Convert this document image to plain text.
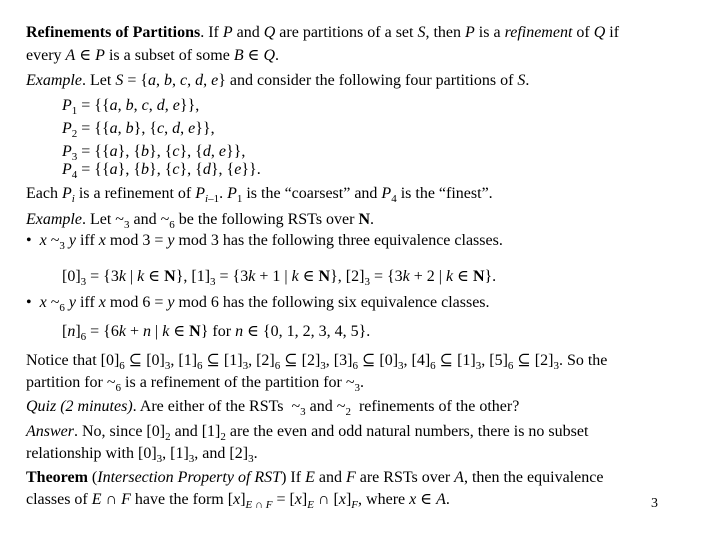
Refinements of Partitions. If P and Q are partitions of a set S, then P is a refinement of Q if
every A ∈ P is a subset of some B ∈ Q.
Example. Let S = {a, b, c, d, e} and consider the following four partitions of S.
$P_1 = \{\{a$, b, c, d, e}},
$P_2 = \{\{a$, b}, {c, d, e}},
$P_3 = \{\{a\}$, {b}, {c}, {d, e}},
$P_4 = \{\{a\}$, {b}, {c}, {d}, {e}}.
Each $P_i$ is a refinement of $P_{i-1}$. $P_1$ is the “coarsest” and $P_4$ is the “finest”.
Example. Let $\sim_3$ and $\sim_6$ be the following RSTs over N.
•  x $\sim_3$ y iff x mod 3 = y mod 3 has the following three equivalence classes.
$[0]_3 = \{3k$ | k ∈ N}, $[1]_3 = \{3k + 1$ | k ∈ N}, $[2]_3 = \{3k + 2$ | k ∈ N}.
•  x $\sim_6$ y iff x mod 6 = y mod 6 has the following six equivalence classes.
$[n]_6 = \{6k + n$ | k ∈ N} for n ∈ {0, 1, 2, 3, 4, 5}.
Notice that $[0]_6$ ⊆ $[0]_3$, $[1]_6$ ⊆ $[1]_3$, $[2]_6$ ⊆ $[2]_3$, $[3]_6$ ⊆ $[0]_3$, $[4]_6$ ⊆ $[1]_3$, $[5]_6$ ⊆ $[2]_3$. So the
partition for $\sim_6$ is a refinement of the partition for $\sim_3$.
Quiz (2 minutes). Are either of the RSTs  $\sim_3$ and $\sim_2$  refinements of the other?
Answer. No, since $[0]_2$ and $[1]_2$ are the even and odd natural numbers, there is no subset
relationship with $[0]_3$, $[1]_3$, and $[2]_3$.
Theorem (Intersection Property of RST) If E and F are RSTs over A, then the equivalence
classes of E ∩ F have the form $[x]_{E \cap F} = [x]_E$ ∩ $[x]_F$, where x ∈ A.	3
